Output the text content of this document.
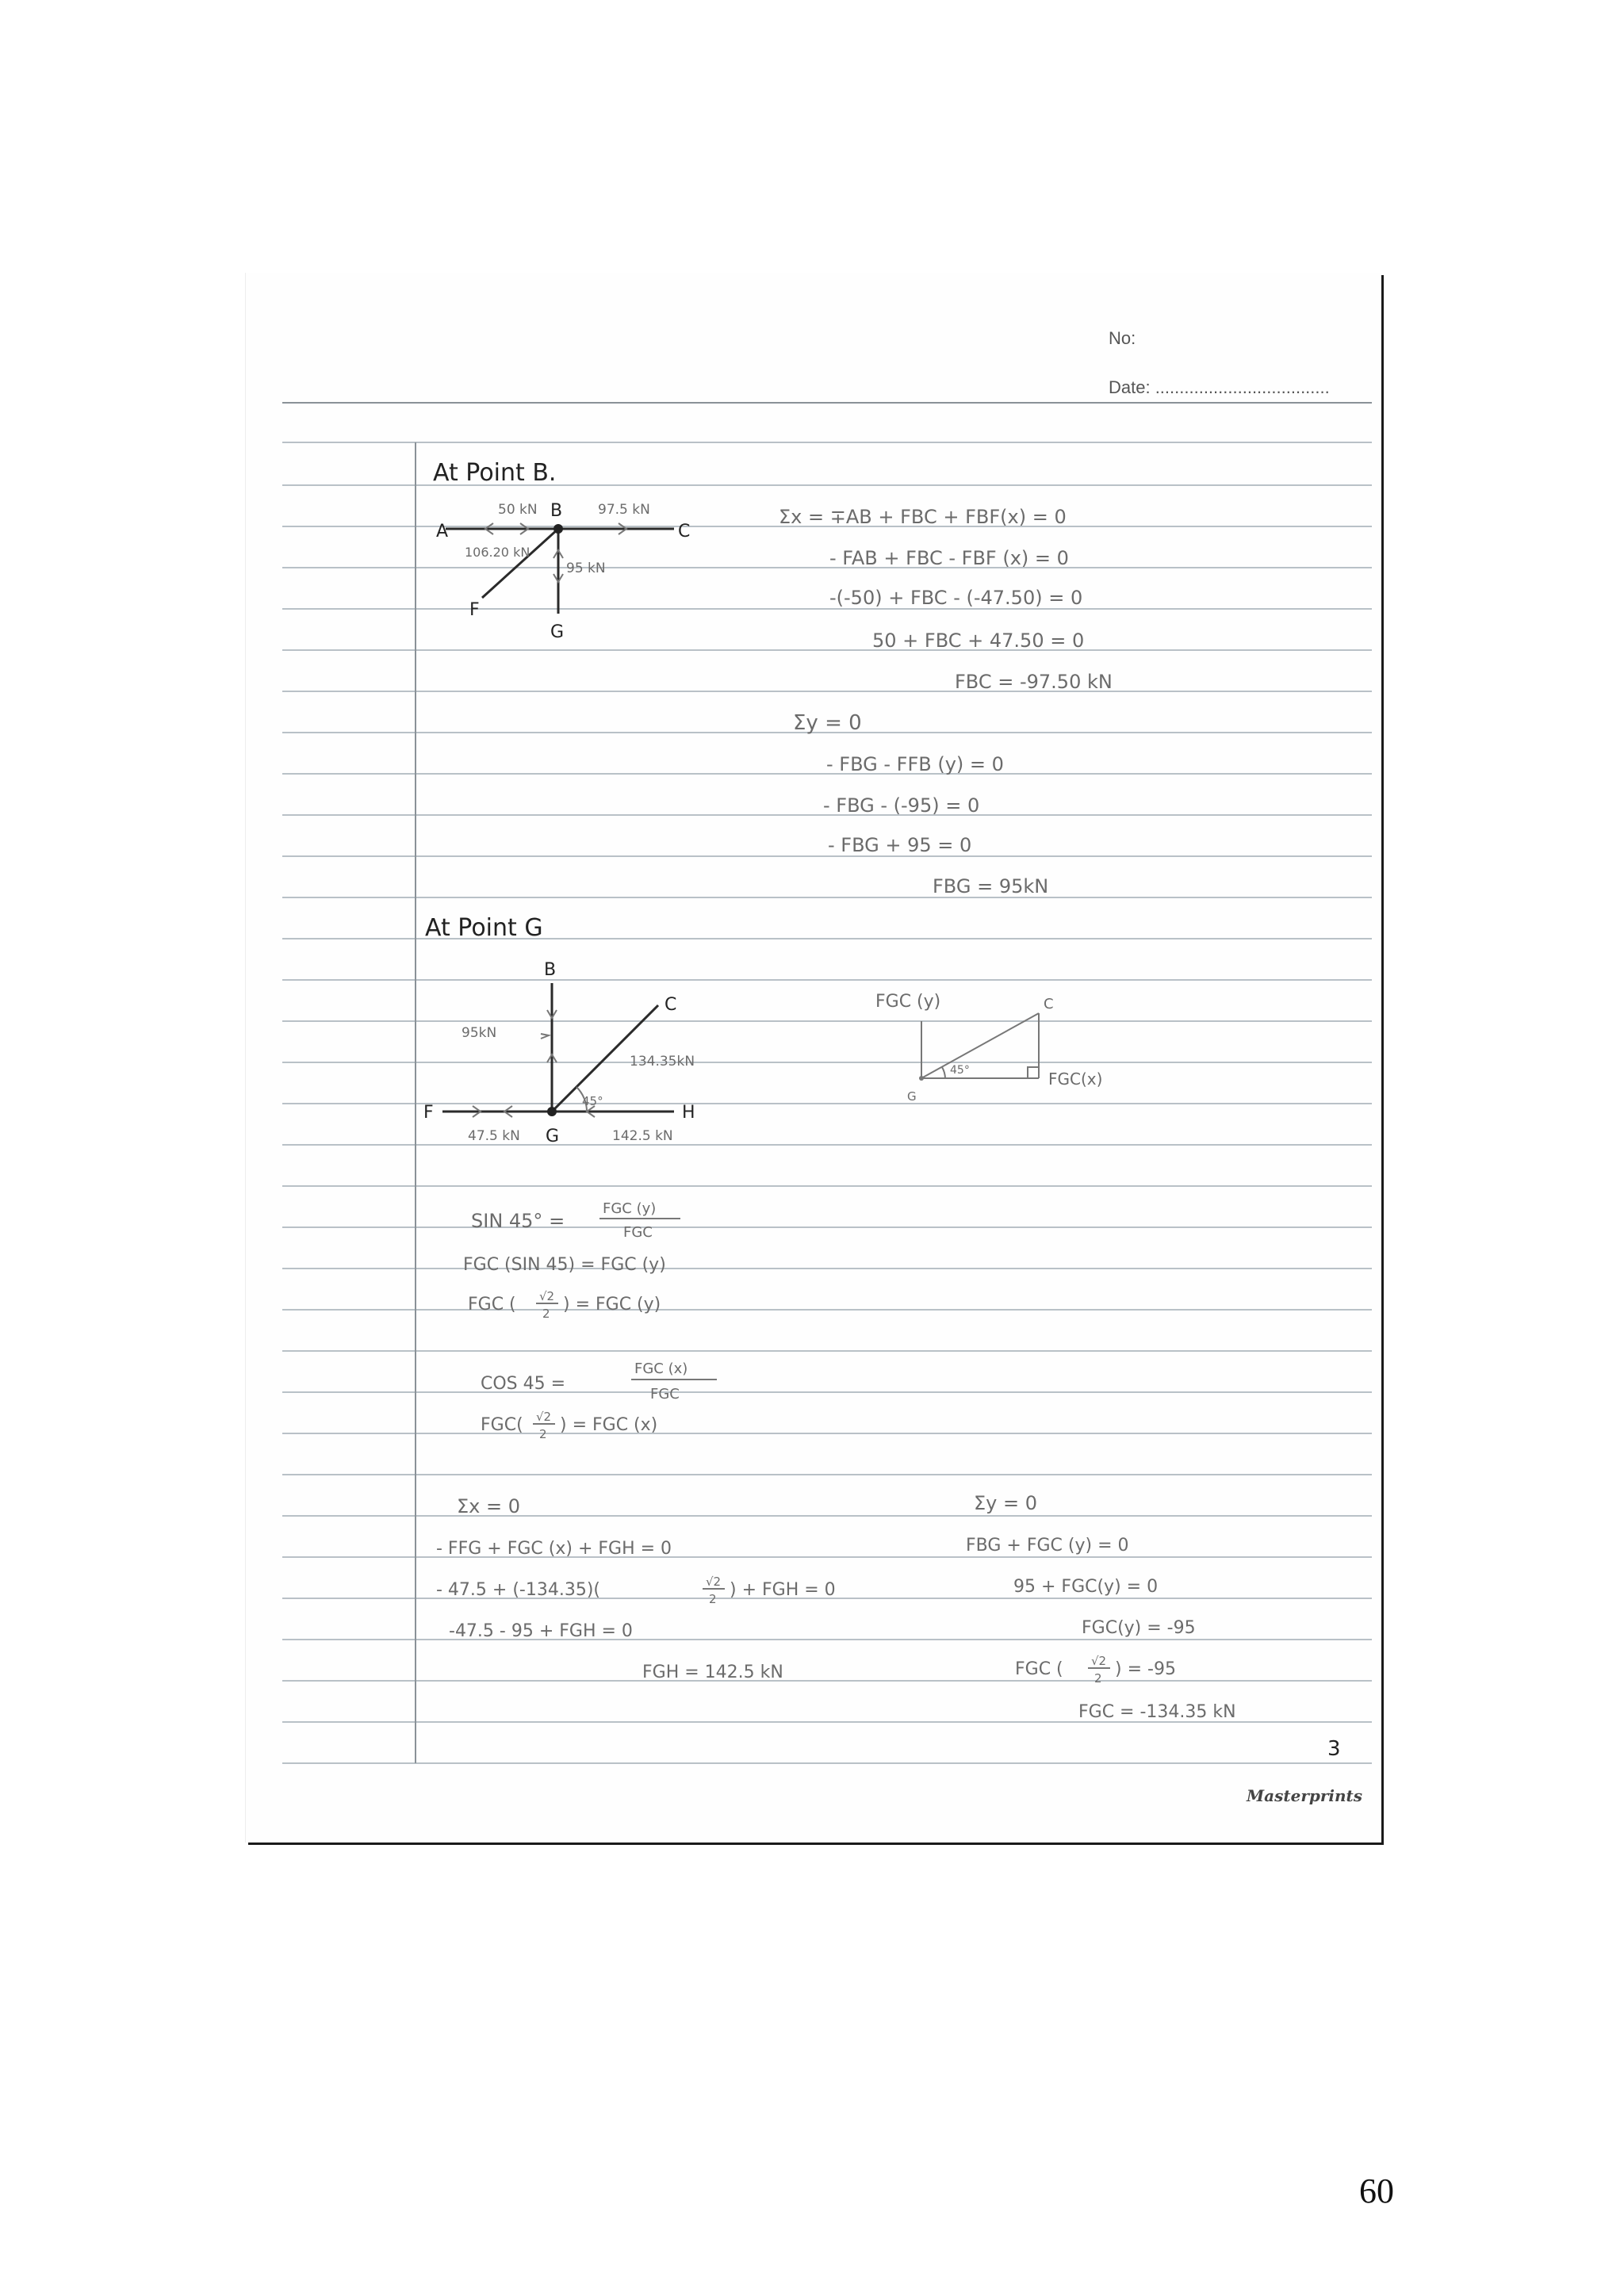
No:
Date: ....................................
At Point B.
A
B
C
F
G
50 kN	97.5 kN
106.20 kN
95 kN
Σx = ∓AB + FBC + FBF(x) = 0
- FAB + FBC - FBF (x) = 0
-(-50) + FBC - (-47.50) = 0
50 + FBC + 47.50 = 0
FBC = -97.50 kN
Σy = 0
- FBG - FFB (y) = 0
- FBG - (-95) = 0
- FBG + 95 = 0
FBG = 95kN
At Point G
B
C
F
G
H
95kN
134.35kN
45°
47.5 kN	142.5 kN
FGC (y)	C
G
45°	FGC(x)
SIN 45° =
FGC (y)
FGC
FGC (SIN 45) = FGC (y)
FGC ( √2
2 ) = FGC (y)
COS 45 =
FGC (x)
FGC
FGC( √2
2 ) = FGC (x)
Σx = 0
- FFG + FGC (x) + FGH = 0
- 47.5 + (-134.35)(	√2
2 ) + FGH = 0
-47.5 - 95 + FGH = 0
FGH = 142.5 kN
Σy = 0
FBG + FGC (y) = 0
95 + FGC(y) = 0
FGC(y) = -95
FGC ( √2
2 ) = -95
FGC = -134.35 kN
3
Masterprints
60
